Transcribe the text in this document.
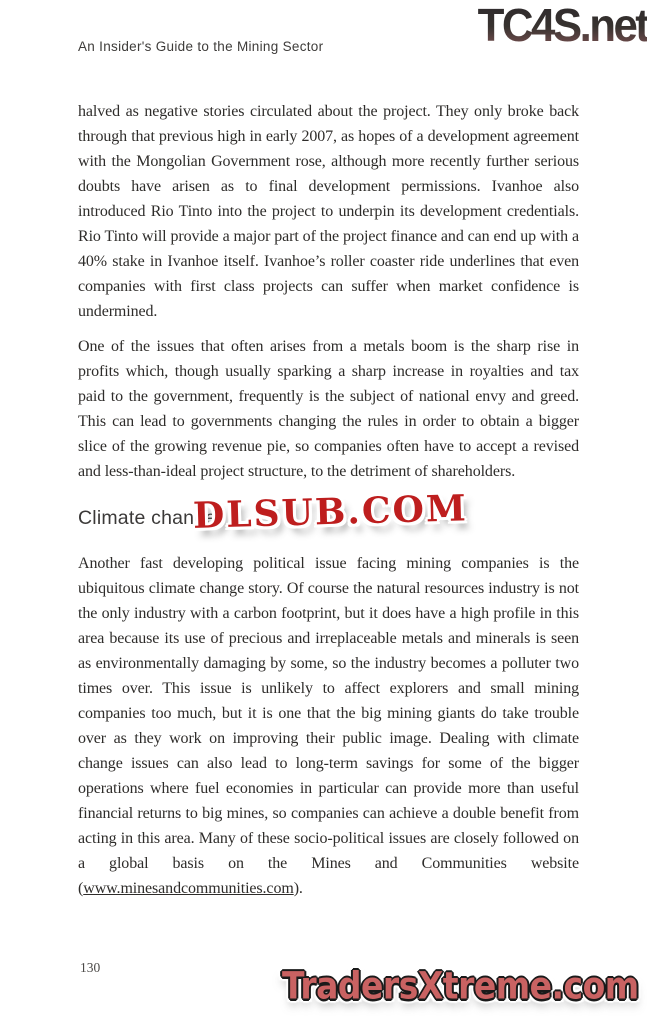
An Insider's Guide to the Mining Sector	TC4S.net

halved as negative stories circulated about the project. They only broke back through that previous high in early 2007, as hopes of a development agreement with the Mongolian Government rose, although more recently further serious doubts have arisen as to final development permissions. Ivanhoe also introduced Rio Tinto into the project to underpin its development credentials. Rio Tinto will provide a major part of the project finance and can end up with a 40% stake in Ivanhoe itself. Ivanhoe’s roller coaster ride underlines that even companies with first class projects can suffer when market confidence is undermined.

One of the issues that often arises from a metals boom is the sharp rise in profits which, though usually sparking a sharp increase in royalties and tax paid to the government, frequently is the subject of national envy and greed. This can lead to governments changing the rules in order to obtain a bigger slice of the growing revenue pie, so companies often have to accept a revised and less-than-ideal project structure, to the detriment of shareholders.

Climate change
DLSUB.COM

Another fast developing political issue facing mining companies is the ubiquitous climate change story. Of course the natural resources industry is not the only industry with a carbon footprint, but it does have a high profile in this area because its use of precious and irreplaceable metals and minerals is seen as environmentally damaging by some, so the industry becomes a polluter two times over. This issue is unlikely to affect explorers and small mining companies too much, but it is one that the big mining giants do take trouble over as they work on improving their public image. Dealing with climate change issues can also lead to long-term savings for some of the bigger operations where fuel economies in particular can provide more than useful financial returns to big mines, so companies can achieve a double benefit from acting in this area. Many of these socio-political issues are closely followed on a global basis on the Mines and Communities website (www.minesandcommunities.com).

130	TradersXtreme.com
